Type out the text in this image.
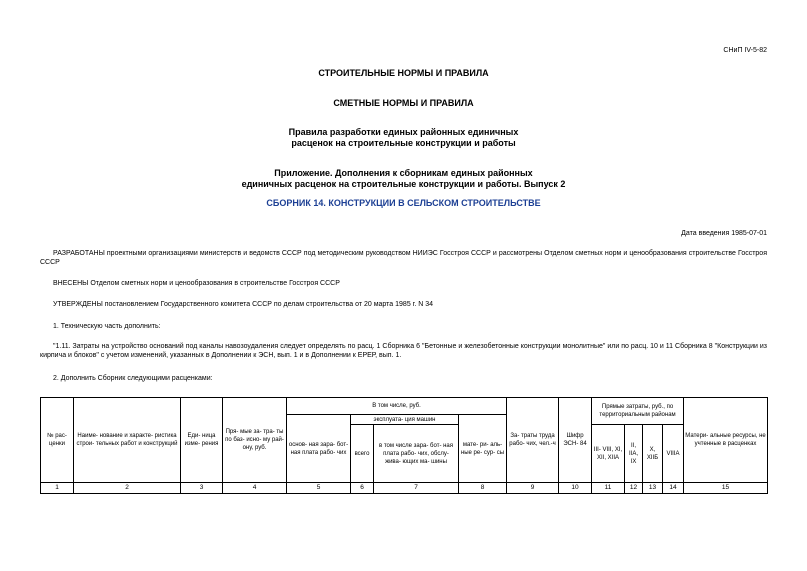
СНиП IV-5-82
СТРОИТЕЛЬНЫЕ НОРМЫ И ПРАВИЛА
СМЕТНЫЕ НОРМЫ И ПРАВИЛА
Правила разработки единых районных единичных
расценок на строительные конструкции и работы
Приложение. Дополнения к сборникам единых районных
единичных расценок на строительные конструкции и работы. Выпуск 2
СБОРНИК 14. КОНСТРУКЦИИ В СЕЛЬСКОМ СТРОИТЕЛЬСТВЕ
Дата введения 1985-07-01
РАЗРАБОТАНЫ проектными организациями министерств и ведомств СССР под методическим руководством НИИЭС Госстроя СССР и рассмотрены Отделом сметных норм и ценообразования строительстве Госстроя СССР
ВНЕСЕНЫ Отделом сметных норм и ценообразования в строительстве Госстроя СССР
УТВЕРЖДЕНЫ постановлением Государственного комитета СССР по делам строительства от 20 марта 1985 г. N 34
1. Техническую часть дополнить:
"1.11. Затраты на устройство оснований под каналы навозоудаления следует определять по расц. 1 Сборника 6 "Бетонные и железобетонные конструкции монолитные" или по расц. 10 и 11 Сборника 8 "Конструкции из кирпича и блоков" с учетом изменений, указанных в Дополнении к ЭСН, вып. 1 и в Дополнении к ЕРЕР, вып. 1.
2. Дополнить Сборник следующими расценками:
№ рас- ценки	Наиме- нование и характе- ристика строи- тельных работ и конструкций	Еди- ница изме- рения	Пря- мые за- тра- ты по баз- исно- му рай- ону, руб.	В том числе, руб.				За- траты труда рабо- чих, чел.-ч	Шифр ЭСН- 84	Прямые затраты, руб., по территориальным районам				Матери- альные ресурсы, не учтенные в расценках
				основ- ная зара- бот- ная плата рабо- чих	эксплуата- ция машин		мате- ри- аль- ные ре- сур- сы							
					всего	в том числе зара- бот- ная плата рабо- чих, обслу- жива- ющих ма- шины				III- VIII, XI, XII, XIIА	II, IIА, IX	X, XIIБ	VIIIА	
1	2	3	4	5	6	7	8	9	10	11	12	13	14	15
